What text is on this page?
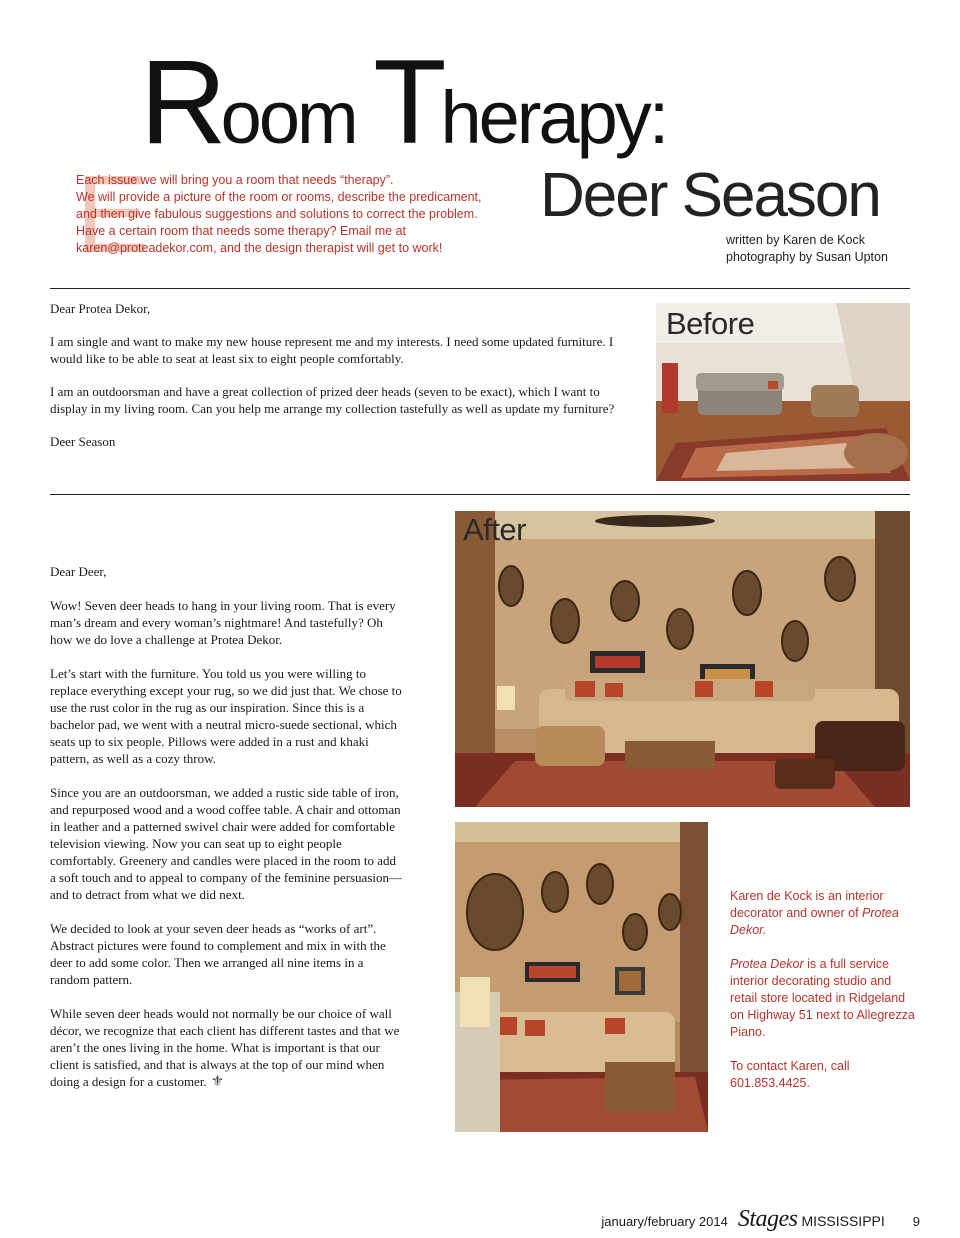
Room Therapy:
Deer Season
E

Each issue we will bring you a room that needs “therapy”.

We will provide a picture of the room or rooms, describe the predicament,

and then give fabulous suggestions and solutions to correct the problem.

Have a certain room that needs some therapy? Email me at

karen@proteadekor.com, and the design therapist will get to work!

written by Karen de Kock
photography by Susan Upton

Dear Protea Dekor,

I am single and want to make my new house represent me and my interests. I need some updated furniture. I would like to be able to seat at least six to eight people comfortably.

I am an outdoorsman and have a great collection of prized deer heads (seven to be exact), which I want to display in my living room. Can you help me arrange my collection tastefully as well as update my furniture?

Deer Season

Before
After

Dear Deer,

Wow! Seven deer heads to hang in your living room. That is every man’s dream and every woman’s nightmare! And tastefully? Oh how we do love a challenge at Protea Dekor.

Let’s start with the furniture. You told us you were willing to replace everything except your rug, so we did just that. We chose to use the rust color in the rug as our inspiration. Since this is a bachelor pad, we went with a neutral micro-suede sectional, which seats up to six people. Pillows were added in a rust and khaki pattern, as well as a cozy throw.

Since you are an outdoorsman, we added a rustic side table of iron, and repurposed wood and a wood coffee table. A chair and ottoman in leather and a patterned swivel chair were added for comfortable television viewing. Now you can seat up to eight people comfortably. Greenery and candles were placed in the room to add a soft touch and to appeal to company of the feminine persuasion—and to detract from what we did next.

We decided to look at your seven deer heads as “works of art”. Abstract pictures were found to complement and mix in with the deer to add some color. Then we arranged all nine items in a random pattern.

While seven deer heads would not normally be our choice of wall décor, we recognize that each client has different tastes and that we aren’t the ones living in the home. What is important is that our client is satisfied, and that is always at the top of our mind when doing a design for a customer. ⚜

Karen de Kock is an interior decorator and owner of Protea Dekor.

Protea Dekor is a full service interior decorating studio and retail store located in Ridgeland on Highway 51 next to Allegrezza Piano.

To contact Karen, call 601.853.4425.

january/february 2014 Stages MISSISSIPPI 9
